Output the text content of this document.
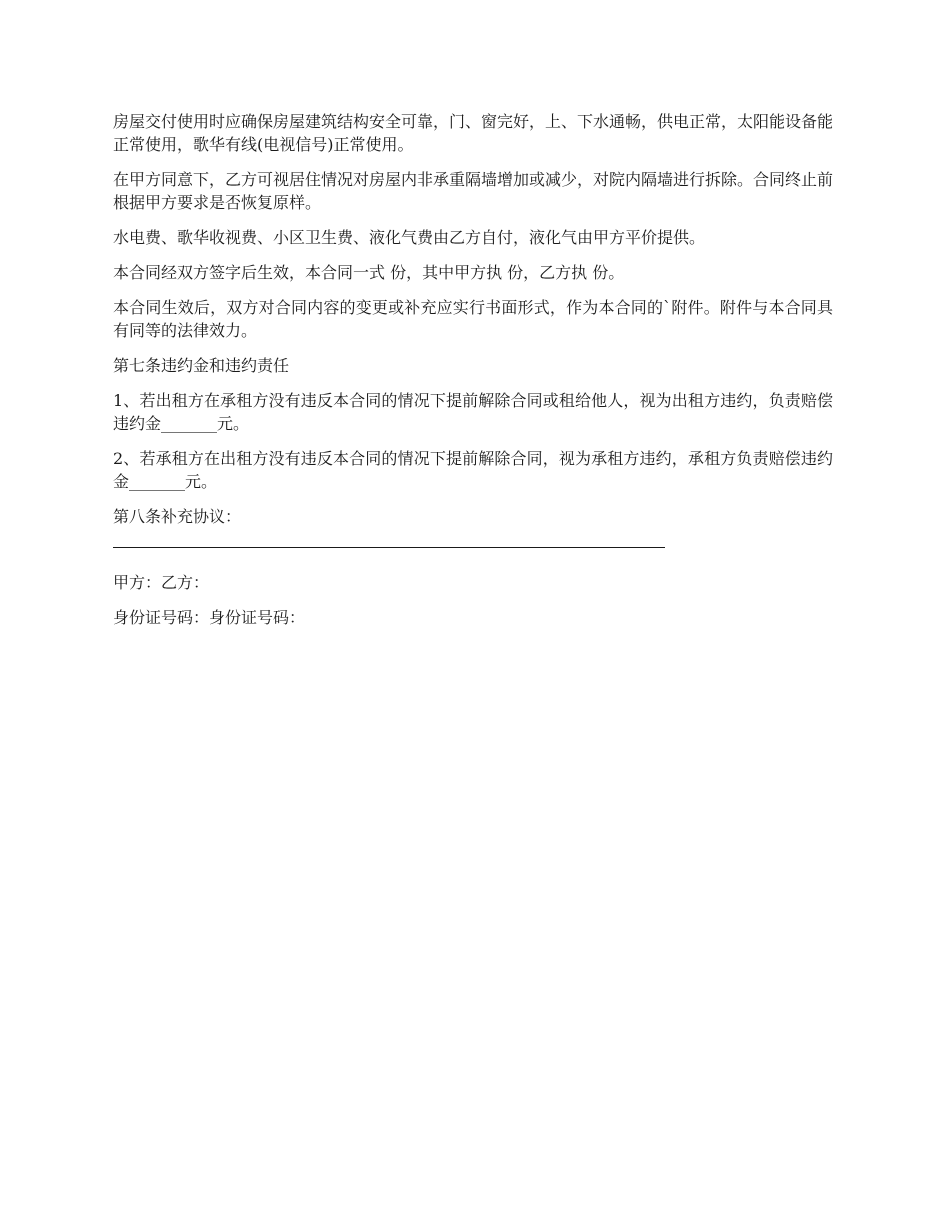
房屋交付使用时应确保房屋建筑结构安全可靠，门、窗完好，上、下水通畅，供电正常，太阳能设备能正常使用，歌华有线(电视信号)正常使用。

在甲方同意下，乙方可视居住情况对房屋内非承重隔墙增加或减少，对院内隔墙进行拆除。合同终止前根据甲方要求是否恢复原样。

水电费、歌华收视费、小区卫生费、液化气费由乙方自付，液化气由甲方平价提供。

本合同经双方签字后生效，本合同一式 份，其中甲方执 份，乙方执 份。

本合同生效后，双方对合同内容的变更或补充应实行书面形式，作为本合同的`附件。附件与本合同具有同等的法律效力。

第七条违约金和违约责任

1、若出租方在承租方没有违反本合同的情况下提前解除合同或租给他人，视为出租方违约，负责赔偿违约金_______元。

2、若承租方在出租方没有违反本合同的情况下提前解除合同，视为承租方违约，承租方负责赔偿违约金_______元。

第八条补充协议：

甲方：乙方：

身份证号码：身份证号码：
